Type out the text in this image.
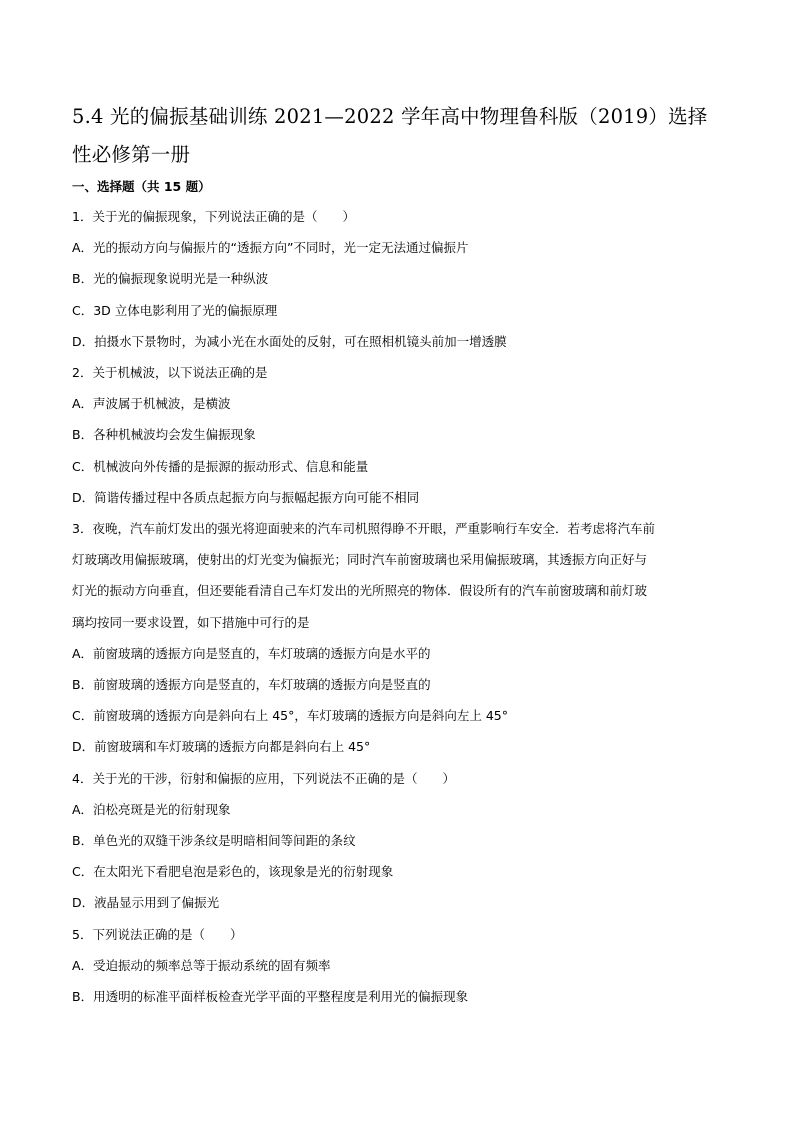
5.4 光的偏振基础训练 2021—2022 学年高中物理鲁科版（2019）选择
性必修第一册
一、选择题（共 15 题）
1．关于光的偏振现象，下列说法正确的是（　　）
A．光的振动方向与偏振片的“透振方向”不同时，光一定无法通过偏振片
B．光的偏振现象说明光是一种纵波
C．3D 立体电影利用了光的偏振原理
D．拍摄水下景物时，为减小光在水面处的反射，可在照相机镜头前加一增透膜
2．关于机械波，以下说法正确的是
A．声波属于机械波，是横波
B．各种机械波均会发生偏振现象
C．机械波向外传播的是振源的振动形式、信息和能量
D．简谐传播过程中各质点起振方向与振幅起振方向可能不相同
3．夜晚，汽车前灯发出的强光将迎面驶来的汽车司机照得睁不开眼，严重影响行车安全．若考虑将汽车前
灯玻璃改用偏振玻璃，使射出的灯光变为偏振光；同时汽车前窗玻璃也采用偏振玻璃，其透振方向正好与
灯光的振动方向垂直，但还要能看清自己车灯发出的光所照亮的物体．假设所有的汽车前窗玻璃和前灯玻
璃均按同一要求设置，如下措施中可行的是
A．前窗玻璃的透振方向是竖直的，车灯玻璃的透振方向是水平的
B．前窗玻璃的透振方向是竖直的，车灯玻璃的透振方向是竖直的
C．前窗玻璃的透振方向是斜向右上 45°，车灯玻璃的透振方向是斜向左上 45°
D．前窗玻璃和车灯玻璃的透振方向都是斜向右上 45°
4．关于光的干涉，衍射和偏振的应用，下列说法不正确的是（　　）
A．泊松亮斑是光的衍射现象
B．单色光的双缝干涉条纹是明暗相间等间距的条纹
C．在太阳光下看肥皂泡是彩色的，该现象是光的衍射现象
D．液晶显示用到了偏振光
5．下列说法正确的是（　　）
A．受迫振动的频率总等于振动系统的固有频率
B．用透明的标准平面样板检查光学平面的平整程度是利用光的偏振现象
